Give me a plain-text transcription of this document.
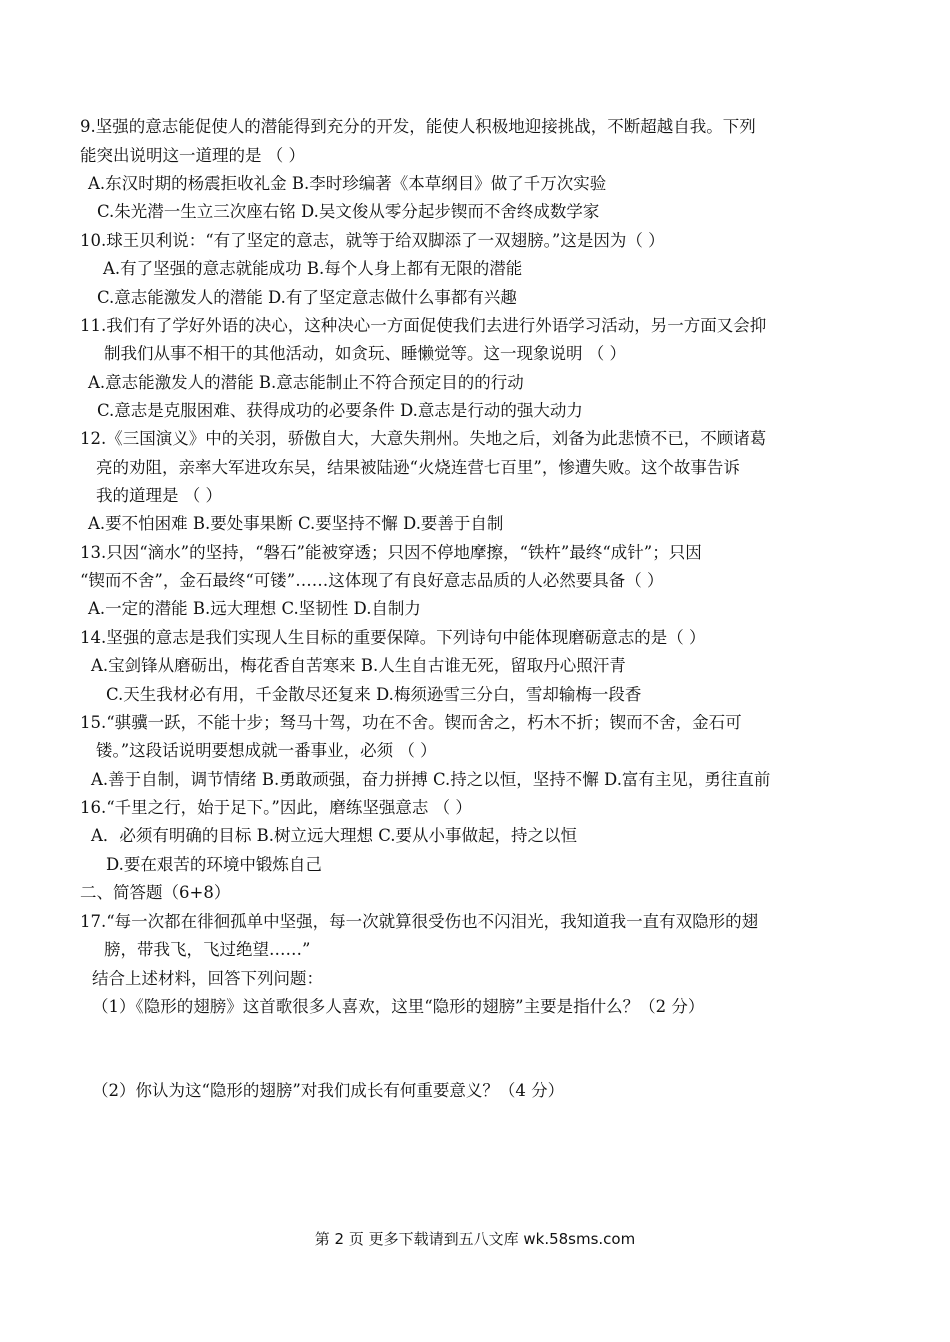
9.坚强的意志能促使人的潜能得到充分的开发，能使人积极地迎接挑战，不断超越自我。下列
能突出说明这一道理的是 （ ）
A.东汉时期的杨震拒收礼金 B.李时珍编著《本草纲目》做了千万次实验
C.朱光潜一生立三次座右铭 D.吴文俊从零分起步锲而不舍终成数学家
10.球王贝利说：“有了坚定的意志，就等于给双脚添了一双翅膀。”这是因为（ ）
A.有了坚强的意志就能成功 B.每个人身上都有无限的潜能
C.意志能激发人的潜能 D.有了坚定意志做什么事都有兴趣
11.我们有了学好外语的决心，这种决心一方面促使我们去进行外语学习活动，另一方面又会抑
制我们从事不相干的其他活动，如贪玩、睡懒觉等。这一现象说明 （ ）
A.意志能激发人的潜能 B.意志能制止不符合预定目的的行动
C.意志是克服困难、获得成功的必要条件 D.意志是行动的强大动力
12.《三国演义》中的关羽，骄傲自大，大意失荆州。失地之后，刘备为此悲愤不已，不顾诸葛
亮的劝阻，亲率大军进攻东吴，结果被陆逊“火烧连营七百里”，惨遭失败。这个故事告诉
我的道理是 （ ）
A.要不怕困难 B.要处事果断 C.要坚持不懈 D.要善于自制
13.只因“滴水”的坚持，“磐石”能被穿透；只因不停地摩擦，“铁杵”最终“成针”；只因
“锲而不舍”，金石最终“可镂”……这体现了有良好意志品质的人必然要具备（ ）
A.一定的潜能 B.远大理想 C.坚韧性 D.自制力
14.坚强的意志是我们实现人生目标的重要保障。下列诗句中能体现磨砺意志的是（ ）
A.宝剑锋从磨砺出，梅花香自苦寒来 B.人生自古谁无死，留取丹心照汗青
C.天生我材必有用，千金散尽还复来 D.梅须逊雪三分白，雪却输梅一段香
15.“骐骥一跃，不能十步；驽马十驾，功在不舍。锲而舍之，朽木不折；锲而不舍，金石可
镂。”这段话说明要想成就一番事业，必须 （ ）
A.善于自制，调节情绪 B.勇敢顽强，奋力拼搏 C.持之以恒，坚持不懈 D.富有主见，勇往直前
16.“千里之行，始于足下。”因此，磨练坚强意志 （ ）
A．必须有明确的目标 B.树立远大理想 C.要从小事做起，持之以恒
D.要在艰苦的环境中锻炼自己
二、简答题（6+8）
17.“每一次都在徘徊孤单中坚强，每一次就算很受伤也不闪泪光，我知道我一直有双隐形的翅
膀，带我飞，飞过绝望……”
结合上述材料，回答下列问题：
（1）《隐形的翅膀》这首歌很多人喜欢，这里“隐形的翅膀”主要是指什么？（2 分）
（2）你认为这“隐形的翅膀”对我们成长有何重要意义？（4 分）
第 2 页 更多下载请到五八文库 wk.58sms.com
